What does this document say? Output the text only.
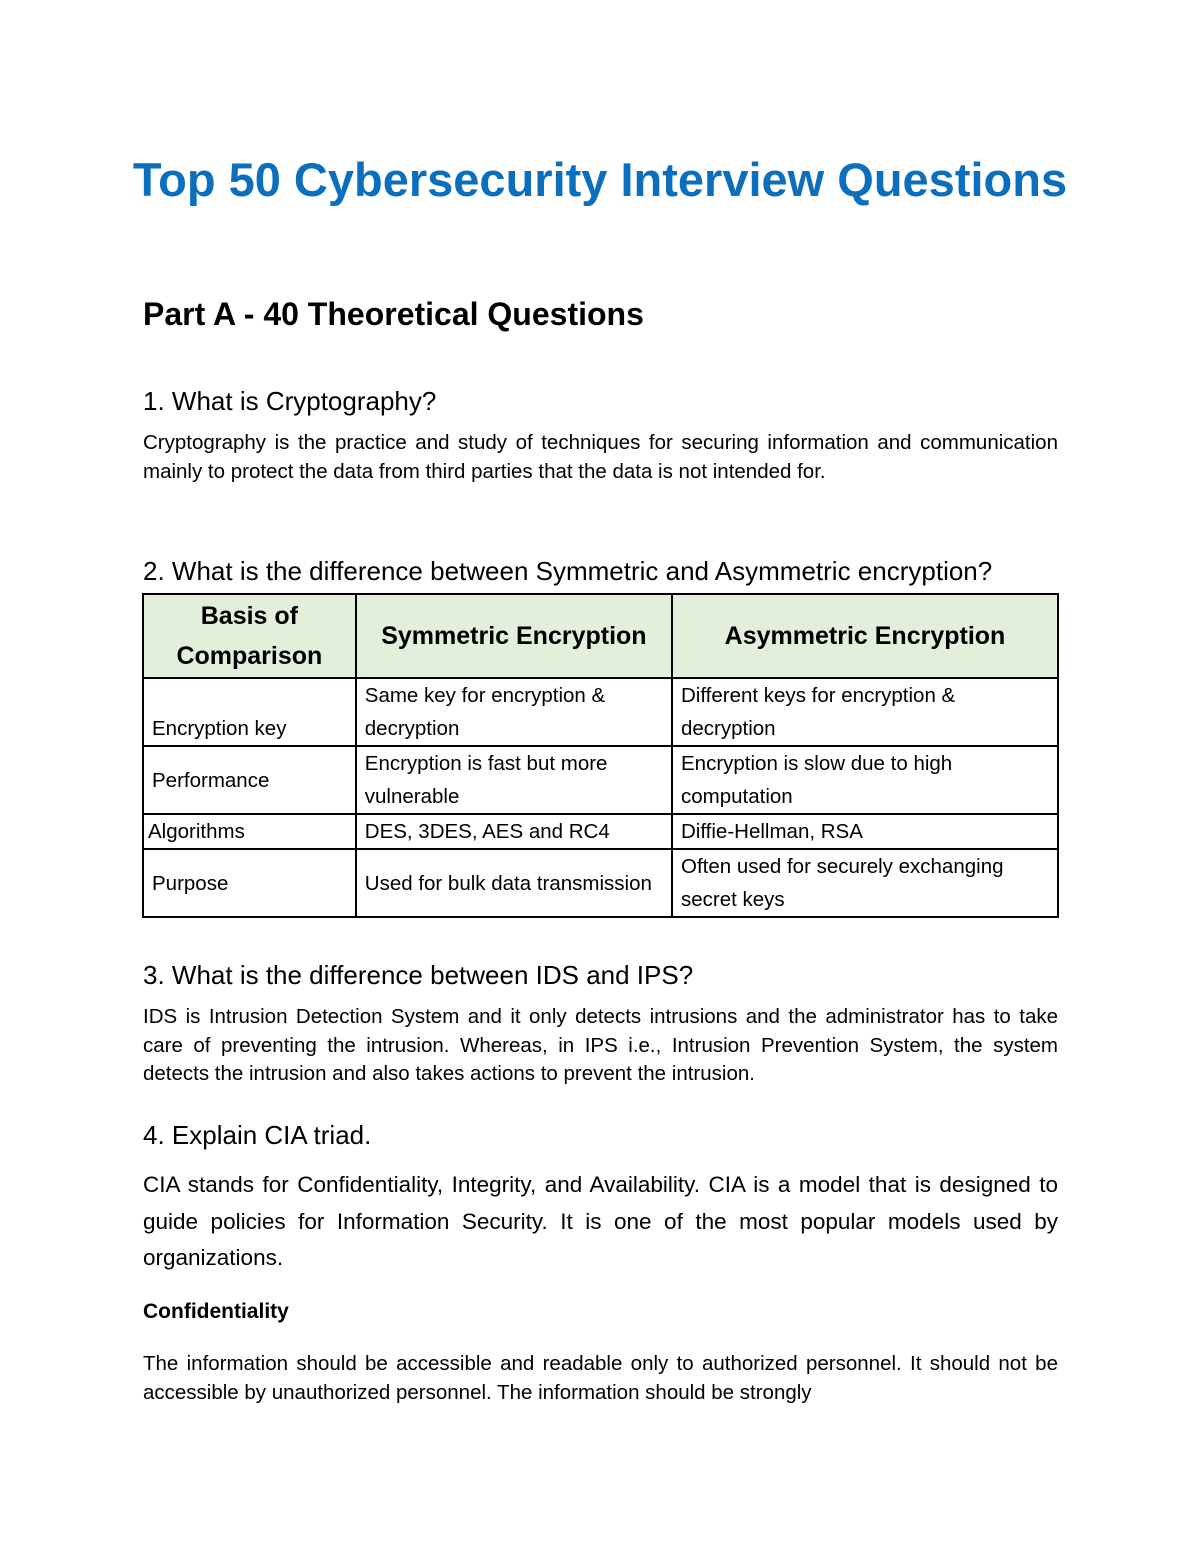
Top 50 Cybersecurity Interview Questions
Part A - 40 Theoretical Questions
1. What is Cryptography?
Cryptography is the practice and study of techniques for securing information and communication mainly to protect the data from third parties that the data is not intended for.
2. What is the difference between Symmetric and Asymmetric encryption?
Basis of Comparison	Symmetric Encryption	Asymmetric Encryption
Encryption key	Same key for encryption & decryption	Different keys for encryption & decryption
Performance	Encryption is fast but more vulnerable	Encryption is slow due to high computation
Algorithms	DES, 3DES, AES and RC4	Diffie-Hellman, RSA
Purpose	Used for bulk data transmission	Often used for securely exchanging secret keys
3. What is the difference between IDS and IPS?
IDS is Intrusion Detection System and it only detects intrusions and the administrator has to take care of preventing the intrusion. Whereas, in IPS i.e., Intrusion Prevention System, the system detects the intrusion and also takes actions to prevent the intrusion.
4. Explain CIA triad.
CIA stands for Confidentiality, Integrity, and Availability. CIA is a model that is designed to guide policies for Information Security. It is one of the most popular models used by organizations.
Confidentiality
The information should be accessible and readable only to authorized personnel. It should not be accessible by unauthorized personnel. The information should be strongly
